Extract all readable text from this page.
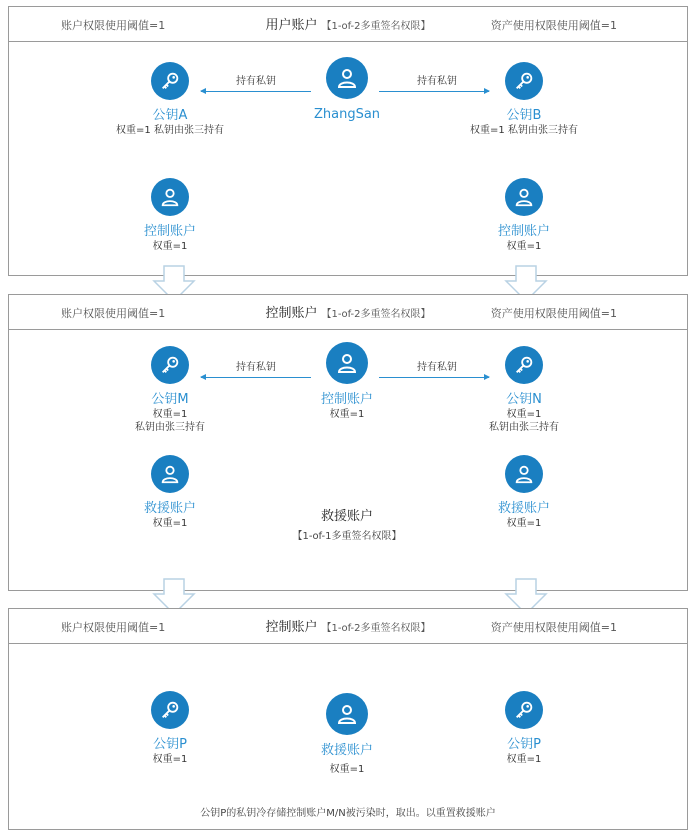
账户权限使用阈值=1	用户账户 【1-of-2多重签名权限】	资产使用权限使用阈值=1
公钥A
权重=1 私钥由张三持有
持有私钥
ZhangSan
持有私钥
公钥B
权重=1 私钥由张三持有
控制账户
权重=1
控制账户
权重=1
账户权限使用阈值=1	控制账户 【1-of-2多重签名权限】	资产使用权限使用阈值=1
公钥M
权重=1
私钥由张三持有
持有私钥
控制账户
权重=1
持有私钥
公钥N
权重=1
私钥由张三持有
救援账户
权重=1	救援账户
【1-of-1多重签名权限】
救援账户
权重=1
账户权限使用阈值=1	控制账户 【1-of-2多重签名权限】	资产使用权限使用阈值=1
公钥P
权重=1
救援账户
权重=1
公钥P
权重=1
公钥P的私钥冷存储控制账户M/N被污染时，取出。以重置救援账户
